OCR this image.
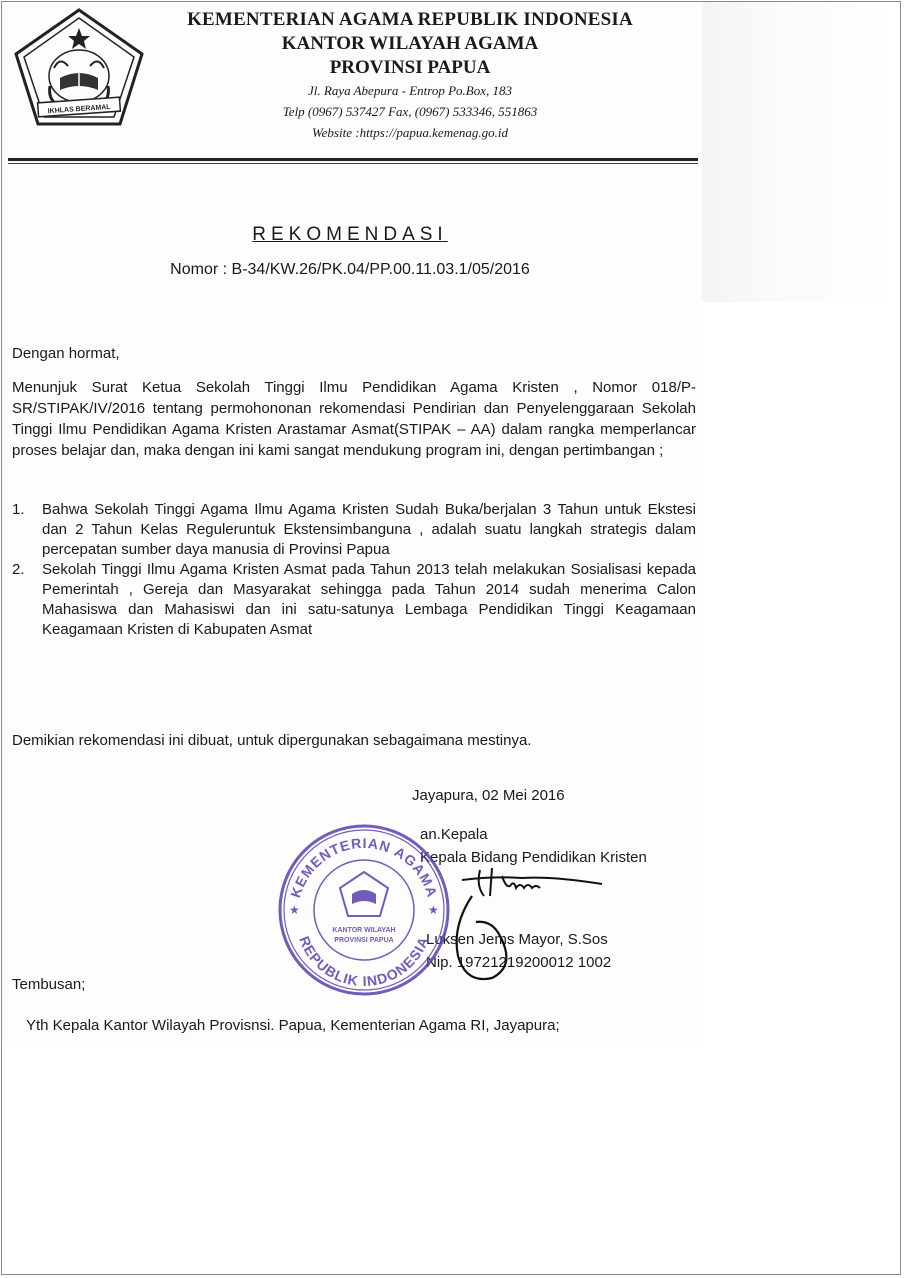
IKHLAS BERAMAL
KEMENTERIAN AGAMA REPUBLIK INDONESIA
KANTOR WILAYAH AGAMA
PROVINSI PAPUA
Jl. Raya Abepura - Entrop Po.Box, 183
Telp (0967) 537427 Fax, (0967) 533346, 551863
Website :https://papua.kemenag.go.id
REKOMENDASI
Nomor : B-34/KW.26/PK.04/PP.00.11.03.1/05/2016
Dengan hormat,
Menunjuk Surat Ketua Sekolah Tinggi Ilmu Pendidikan Agama Kristen , Nomor 018/P-SR/STIPAK/IV/2016 tentang permohononan rekomendasi Pendirian dan Penyelenggaraan Sekolah Tinggi Ilmu Pendidikan Agama Kristen Arastamar Asmat(STIPAK – AA) dalam rangka memperlancar proses belajar dan, maka dengan ini kami sangat mendukung program ini, dengan pertimbangan ;
1. Bahwa Sekolah Tinggi Agama Ilmu Agama Kristen Sudah Buka/berjalan 3 Tahun untuk Ekstesi dan 2 Tahun Kelas Reguleruntuk Ekstensimbanguna , adalah suatu langkah strategis dalam percepatan sumber daya manusia di Provinsi Papua
2. Sekolah Tinggi Ilmu Agama Kristen Asmat pada Tahun 2013 telah melakukan Sosialisasi kepada Pemerintah , Gereja dan Masyarakat sehingga pada Tahun 2014 sudah menerima Calon Mahasiswa dan Mahasiswi dan ini satu-satunya Lembaga Pendidikan Tinggi Keagamaan Keagamaan Kristen di Kabupaten Asmat
Demikian rekomendasi ini dibuat, untuk dipergunakan sebagaimana mestinya.
Jayapura, 02 Mei 2016
an.Kepala
Kepala Bidang Pendidikan Kristen
Luksen Jems Mayor, S.Sos
Nip. 19721219200012 1002
KEMENTERIAN AGAMA
REPUBLIK INDONESIA
★	★
KANTOR WILAYAH
PROVINSI PAPUA
Tembusan;
Yth Kepala Kantor Wilayah Provisnsi. Papua, Kementerian Agama RI, Jayapura;
